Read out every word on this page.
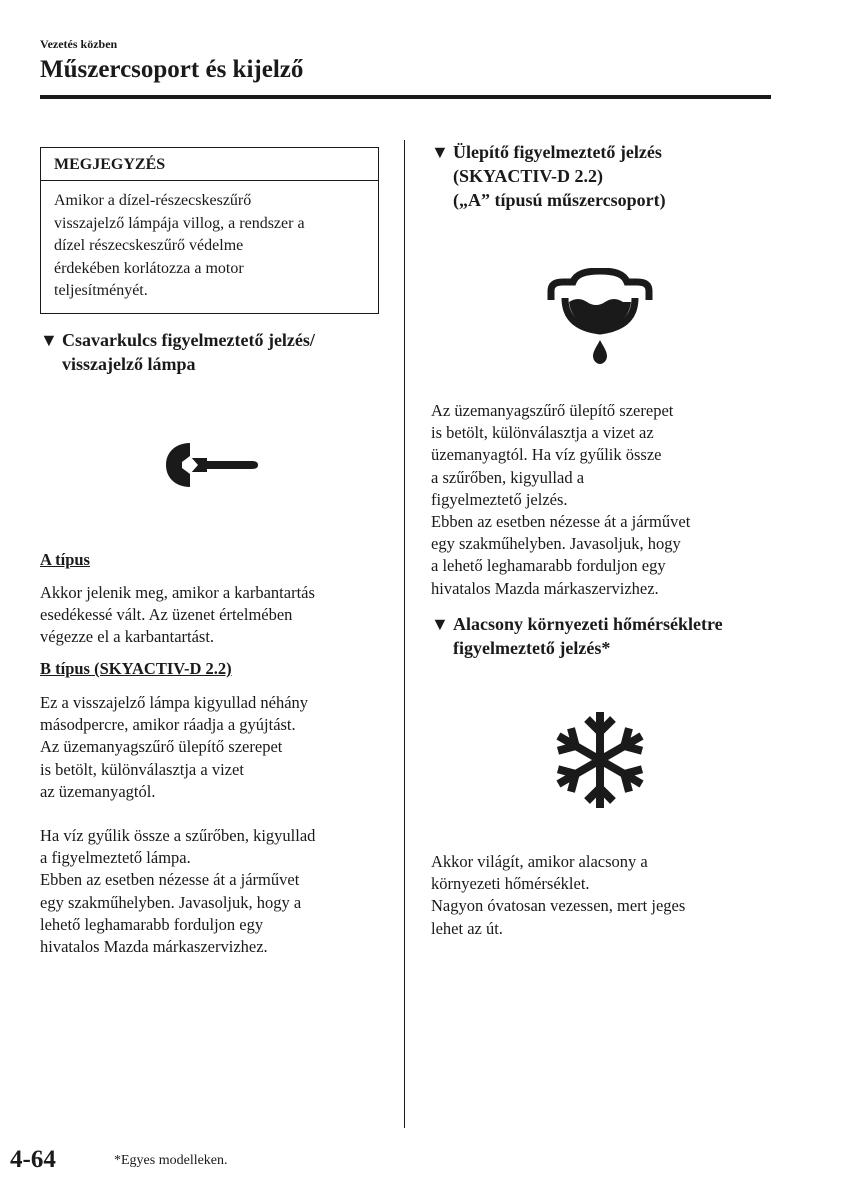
Vezetés közben
Műszercsoport és kijelző
MEGJEGYZÉS
Amikor a dízel-részecskeszűrő
visszajelző lámpája villog, a rendszer a
dízel részecskeszűrő védelme
érdekében korlátozza a motor
teljesítményét.
▼ Csavarkulcs figyelmeztető jelzés/
visszajelző lámpa
A típus
Akkor jelenik meg, amikor a karbantartás
esedékessé vált. Az üzenet értelmében
végezze el a karbantartást.
B típus (SKYACTIV-D 2.2)
Ez a visszajelző lámpa kigyullad néhány
másodpercre, amikor ráadja a gyújtást.
Az üzemanyagszűrő ülepítő szerepet
is betölt, különválasztja a vizet
az üzemanyagtól.
Ha víz gyűlik össze a szűrőben, kigyullad
a figyelmeztető lámpa.
Ebben az esetben nézesse át a járművet
egy szakműhelyben. Javasoljuk, hogy a
lehető leghamarabb forduljon egy
hivatalos Mazda márkaszervizhez.
▼ Ülepítő figyelmeztető jelzés
(SKYACTIV-D 2.2)
(„A” típusú műszercsoport)
Az üzemanyagszűrő ülepítő szerepet
is betölt, különválasztja a vizet az
üzemanyagtól. Ha víz gyűlik össze
a szűrőben, kigyullad a
figyelmeztető jelzés.
Ebben az esetben nézesse át a járművet
egy szakműhelyben. Javasoljuk, hogy
a lehető leghamarabb forduljon egy
hivatalos Mazda márkaszervizhez.
▼ Alacsony környezeti hőmérsékletre
figyelmeztető jelzés*
Akkor világít, amikor alacsony a
környezeti hőmérséklet.
Nagyon óvatosan vezessen, mert jeges
lehet az út.
4-64	*Egyes modelleken.
